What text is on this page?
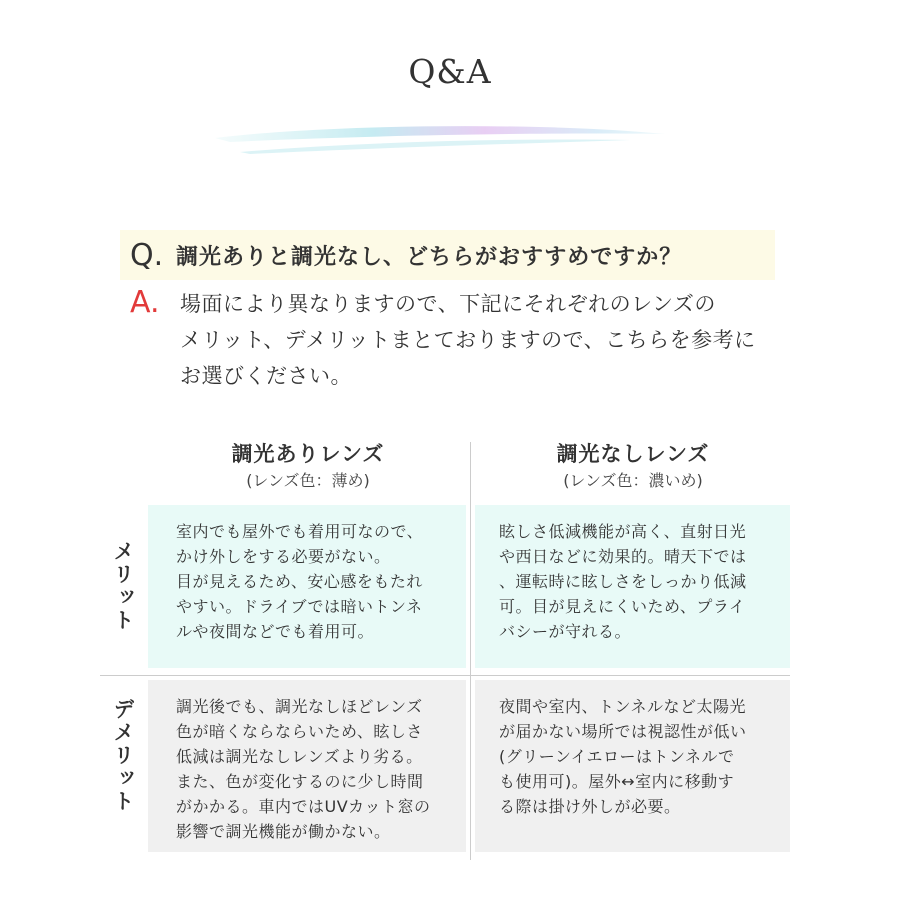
Q&A
Q. 調光ありと調光なし、どちらがおすすめですか？
A. 場面により異なりますので、下記にそれぞれのレンズの
メリット、デメリットまとておりますので、こちらを参考に
お選びください。
調光ありレンズ
(レンズ色：薄め)
調光なしレンズ
(レンズ色：濃いめ)
メリット
デメリット
室内でも屋外でも着用可なので、
かけ外しをする必要がない。
目が見えるため、安心感をもたれ
やすい。ドライブでは暗いトンネ
ルや夜間などでも着用可。
眩しさ低減機能が高く、直射日光
や西日などに効果的。晴天下では
、運転時に眩しさをしっかり低減
可。目が見えにくいため、プライ
バシーが守れる。
調光後でも、調光なしほどレンズ
色が暗くならならいため、眩しさ
低減は調光なしレンズより劣る。
また、色が変化するのに少し時間
がかかる。車内ではUVカット窓の
影響で調光機能が働かない。
夜間や室内、トンネルなど太陽光
が届かない場所では視認性が低い
(グリーンイエローはトンネルで
も使用可)。屋外↔室内に移動す
る際は掛け外しが必要。
